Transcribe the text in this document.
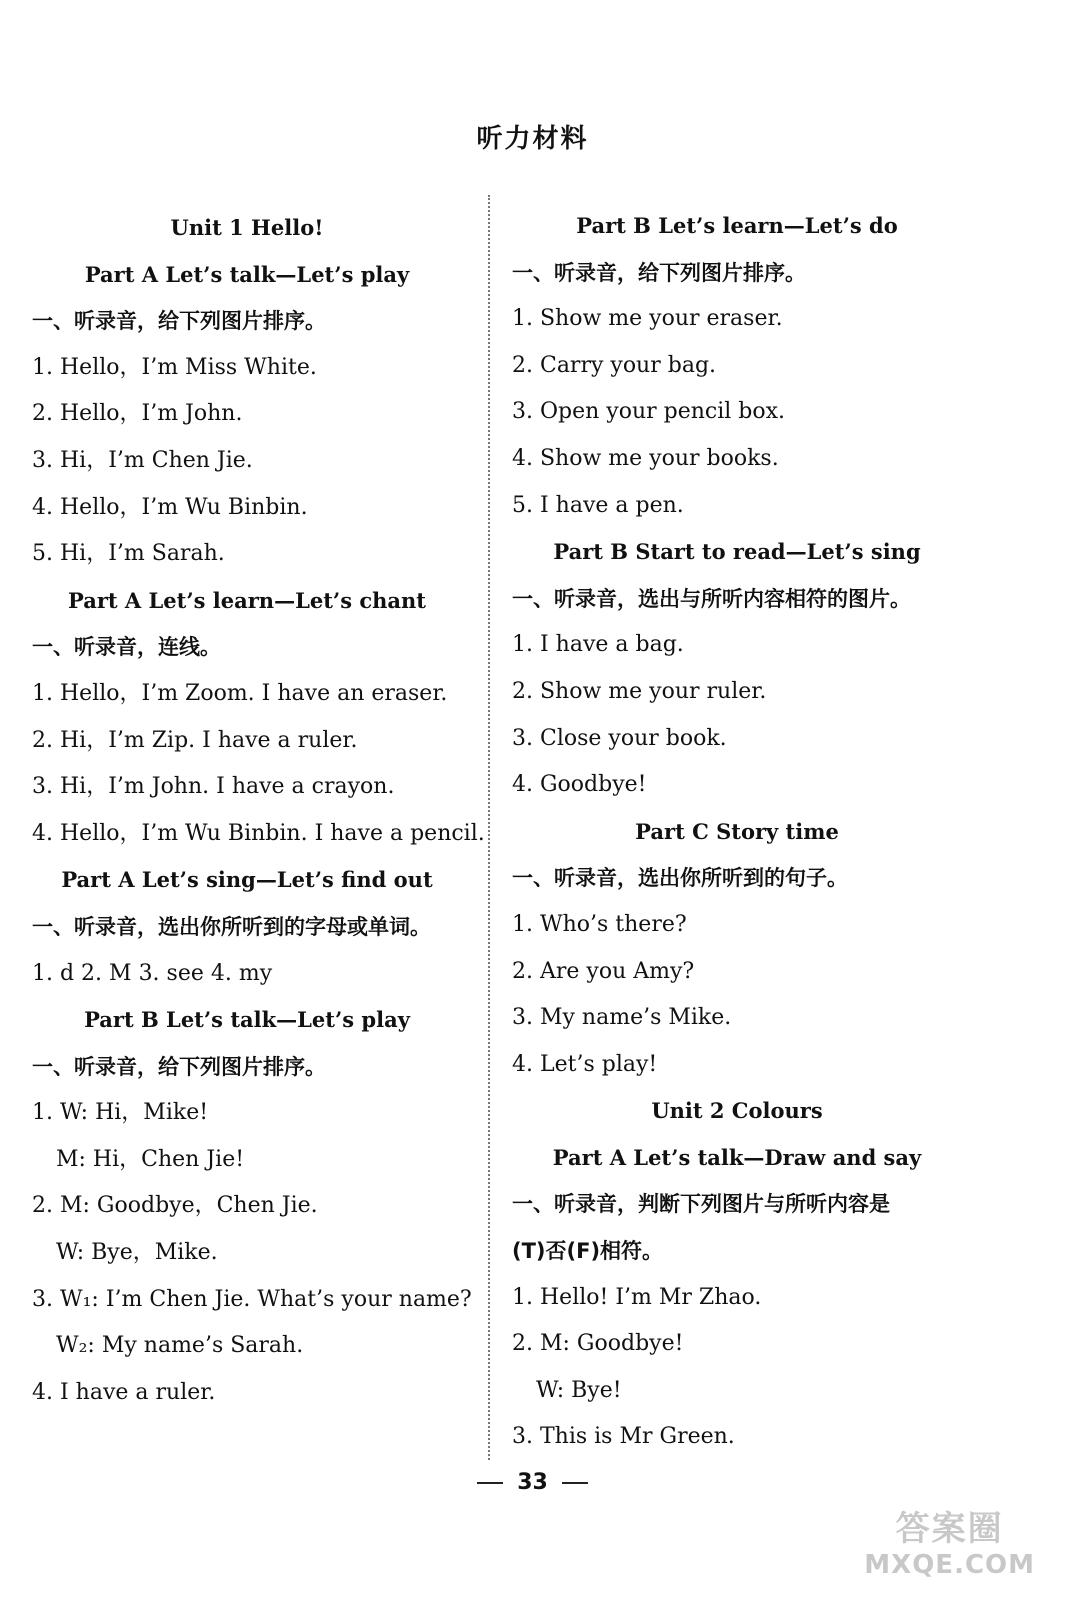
听力材料
Unit 1 Hello!
Part A Let’s talk—Let’s play
一、听录音，给下列图片排序。
1. Hello，I’m Miss White.
2. Hello，I’m John.
3. Hi，I’m Chen Jie.
4. Hello，I’m Wu Binbin.
5. Hi，I’m Sarah.
Part A Let’s learn—Let’s chant
一、听录音，连线。
1. Hello，I’m Zoom. I have an eraser.
2. Hi，I’m Zip. I have a ruler.
3. Hi，I’m John. I have a crayon.
4. Hello，I’m Wu Binbin. I have a pencil.
Part A Let’s sing—Let’s find out
一、听录音，选出你所听到的字母或单词。
1. d 2. M 3. see 4. my
Part B Let’s talk—Let’s play
一、听录音，给下列图片排序。
1. W: Hi，Mike!
M: Hi，Chen Jie!
2. M: Goodbye，Chen Jie.
W: Bye，Mike.
3. W₁: I’m Chen Jie. What’s your name?
W₂: My name’s Sarah.
4. I have a ruler.
Part B Let’s learn—Let’s do
一、听录音，给下列图片排序。
1. Show me your eraser.
2. Carry your bag.
3. Open your pencil box.
4. Show me your books.
5. I have a pen.
Part B Start to read—Let’s sing
一、听录音，选出与所听内容相符的图片。
1. I have a bag.
2. Show me your ruler.
3. Close your book.
4. Goodbye!
Part C Story time
一、听录音，选出你所听到的句子。
1. Who’s there?
2. Are you Amy?
3. My name’s Mike.
4. Let’s play!
Unit 2 Colours
Part A Let’s talk—Draw and say
一、听录音，判断下列图片与所听内容是
(T)否(F)相符。
1. Hello! I’m Mr Zhao.
2. M: Goodbye!
W: Bye!
3. This is Mr Green.
33
答案圈
MXQE.COM
